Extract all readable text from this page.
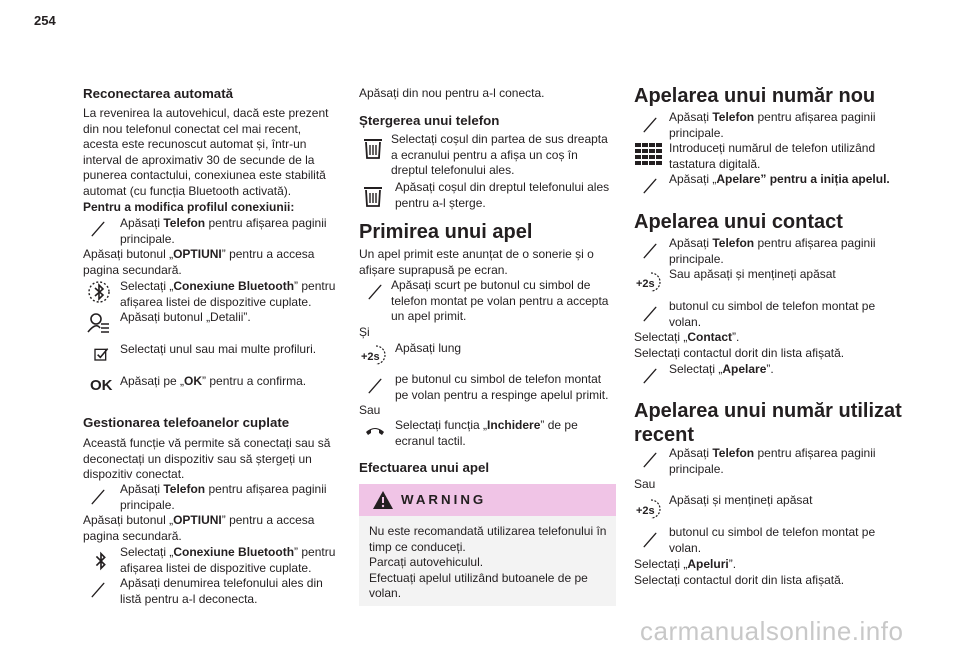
254
Reconectarea automată
La revenirea la autovehicul, dacă este prezent din nou telefonul conectat cel mai recent, acesta este recunoscut automat și, într-un interval de aproximativ 30 de secunde de la punerea contactului, conexiunea este stabilită automat (cu funcția Bluetooth activată).
Pentru a modifica profilul conexiunii:
Apăsați Telefon pentru afișarea paginii principale.
Apăsați butonul „OPTIUNI” pentru a accesa pagina secundară.
Selectați „Conexiune Bluetooth” pentru afișarea listei de dispozitive cuplate.
Apăsați butonul „Detalii”.
Selectați unul sau mai multe profiluri.
OK Apăsați pe „OK” pentru a confirma.
Gestionarea telefoanelor cuplate
Această funcție vă permite să conectați sau să deconectați un dispozitiv sau să ștergeți un dispozitiv conectat.
Apăsați Telefon pentru afișarea paginii principale.
Apăsați butonul „OPTIUNI” pentru a accesa pagina secundară.
Selectați „Conexiune Bluetooth” pentru afișarea listei de dispozitive cuplate.
Apăsați denumirea telefonului ales din listă pentru a-l deconecta.
Apăsați din nou pentru a-l conecta.
Ștergerea unui telefon
Selectați coșul din partea de sus dreapta a ecranului pentru a afișa un coș în dreptul telefonului ales.
Apăsați coșul din dreptul telefonului ales pentru a-l șterge.
Primirea unui apel
Un apel primit este anunțat de o sonerie și o afișare suprapusă pe ecran.
Apăsați scurt pe butonul cu simbol de telefon montat pe volan pentru a accepta un apel primit.
Și
+2s
Apăsați lung
pe butonul cu simbol de telefon montat pe volan pentru a respinge apelul primit.
Sau
Selectați funcția „Inchidere” de pe ecranul tactil.
Efectuarea unui apel
WARNING
Nu este recomandată utilizarea telefonului în timp ce conduceți.
Parcați autovehiculul.
Efectuați apelul utilizând butoanele de pe volan.
Apelarea unui număr nou
Apăsați Telefon pentru afișarea paginii principale.
Introduceți numărul de telefon utilizând tastatura digitală.
Apăsați „Apelare” pentru a iniția apelul.
Apelarea unui contact
Apăsați Telefon pentru afișarea paginii principale.
+2s
Sau apăsați și mențineți apăsat
butonul cu simbol de telefon montat pe volan.
Selectați „Contact”.
Selectați contactul dorit din lista afișată.
Selectați „Apelare”.
Apelarea unui număr utilizat
recent
Apăsați Telefon pentru afișarea paginii principale.
Sau
+2s
Apăsați și mențineți apăsat
butonul cu simbol de telefon montat pe volan.
Selectați „Apeluri”.
Selectați contactul dorit din lista afișată.
carmanualsonline.info
